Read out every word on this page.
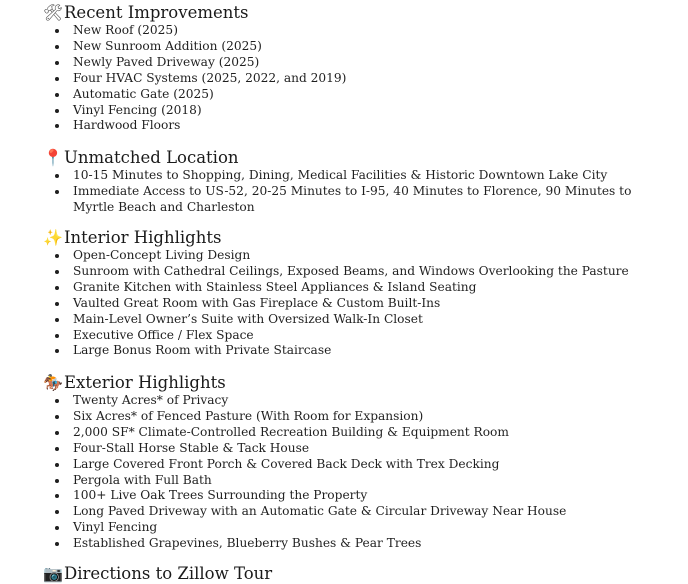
🛠 Recent Improvements
New Roof (2025)
New Sunroom Addition (2025)
Newly Paved Driveway (2025)
Four HVAC Systems (2025, 2022, and 2019)
Automatic Gate (2025)
Vinyl Fencing (2018)
Hardwood Floors
📍 Unmatched Location
10-15 Minutes to Shopping, Dining, Medical Facilities & Historic Downtown Lake City
Immediate Access to US-52, 20-25 Minutes to I-95, 40 Minutes to Florence, 90 Minutes to Myrtle Beach and Charleston
✨ Interior Highlights
Open-Concept Living Design
Sunroom with Cathedral Ceilings, Exposed Beams, and Windows Overlooking the Pasture
Granite Kitchen with Stainless Steel Appliances & Island Seating
Vaulted Great Room with Gas Fireplace & Custom Built-Ins
Main-Level Owner’s Suite with Oversized Walk-In Closet
Executive Office / Flex Space
Large Bonus Room with Private Staircase
🏇 Exterior Highlights
Twenty Acres* of Privacy
Six Acres* of Fenced Pasture (With Room for Expansion)
2,000 SF* Climate-Controlled Recreation Building & Equipment Room
Four-Stall Horse Stable & Tack House
Large Covered Front Porch & Covered Back Deck with Trex Decking
Pergola with Full Bath
100+ Live Oak Trees Surrounding the Property
Long Paved Driveway with an Automatic Gate & Circular Driveway Near House
Vinyl Fencing
Established Grapevines, Blueberry Bushes & Pear Trees
📷 Directions to Zillow Tour
